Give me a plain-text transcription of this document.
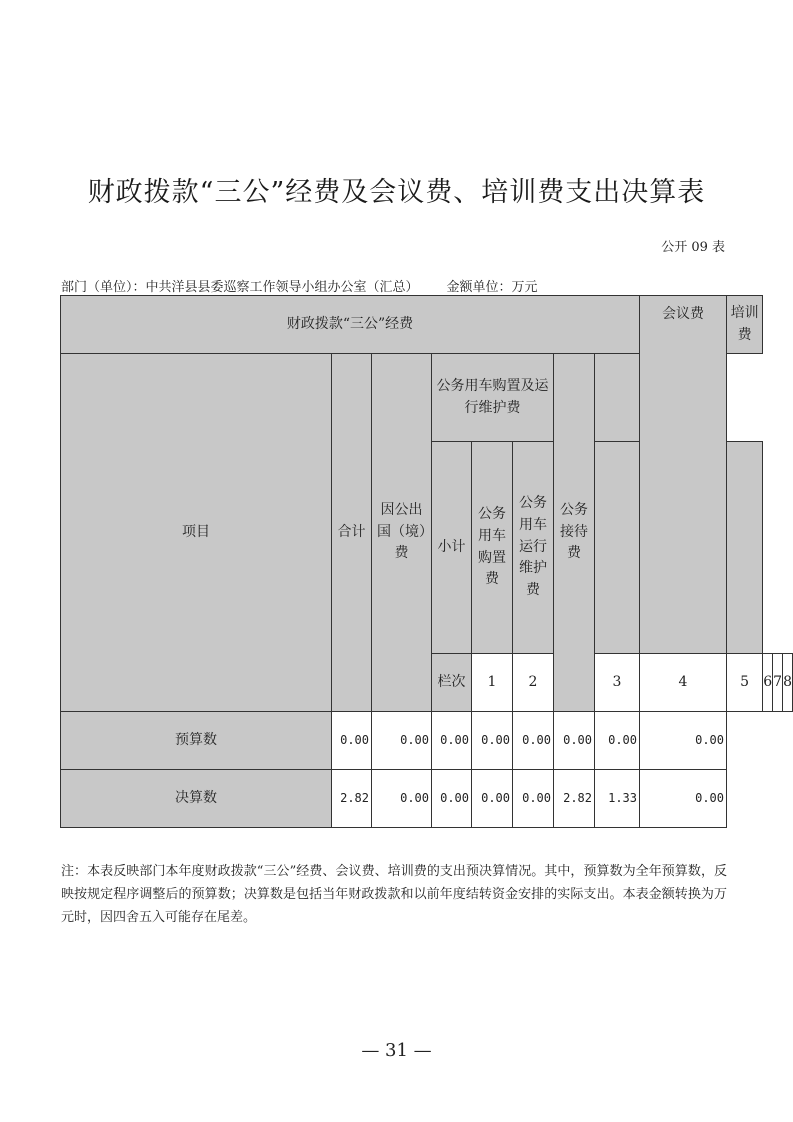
财政拨款“三公”经费及会议费、培训费支出决算表
公开 09 表
部门（单位）：中共洋县县委巡察工作领导小组办公室（汇总） 金额单位：万元
财政拨款“三公”经费								会议费	培训费			
项目	合计	因公出国（境）费	公务用车购置及运行维护费			公务接待费						
			小计	公务用车购置费	公务用车运行维护费							
			栏次	1	2		3	4	5	6	7	8
预算数	0.00	0.00	0.00	0.00	0.00	0.00	0.00	0.00				
决算数	2.82	0.00	0.00	0.00	0.00	2.82	1.33	0.00				
注：本表反映部门本年度财政拨款“三公”经费、会议费、培训费的支出预决算情况。其中，预算数为全年预算数，反映按规定程序调整后的预算数；决算数是包括当年财政拨款和以前年度结转资金安排的实际支出。本表金额转换为万元时，因四舍五入可能存在尾差。
— 31 —
